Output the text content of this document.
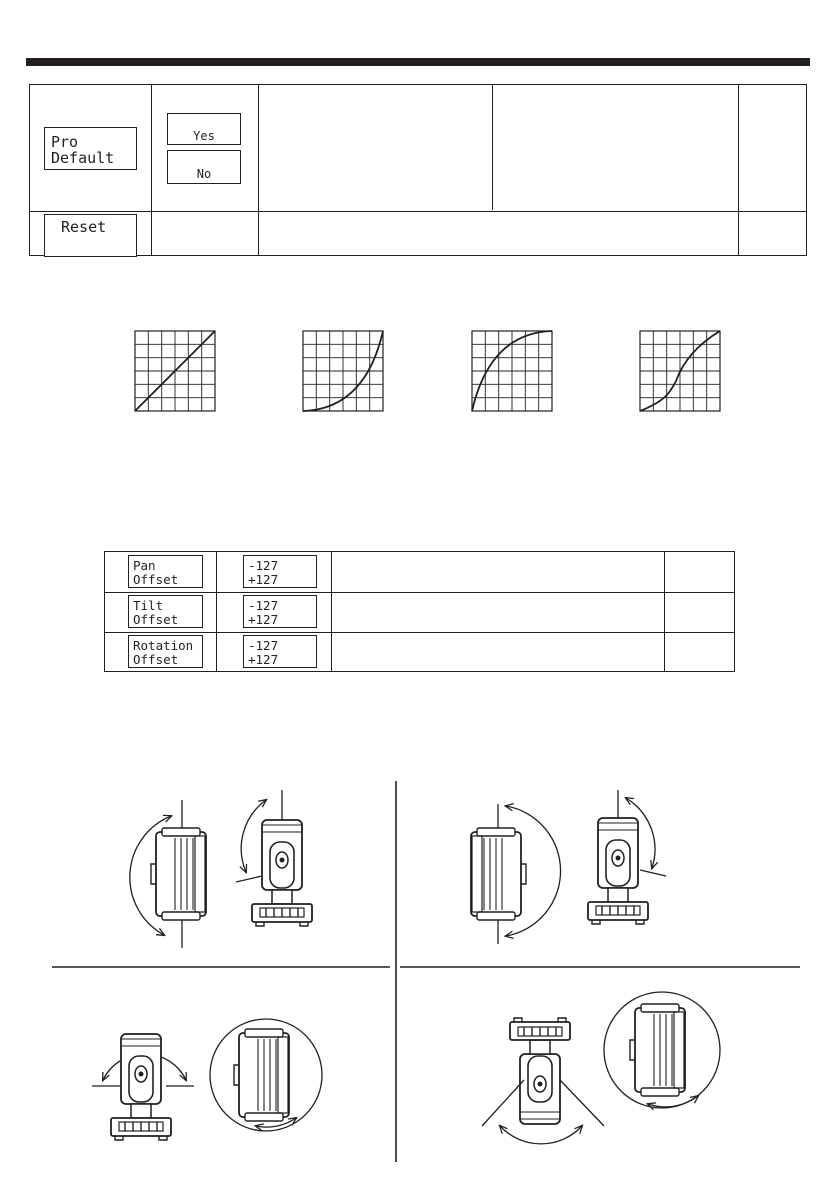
Pro
Default
Yes
No
Reset
Pan
Offset
-127
+127
Tilt
Offset
-127
+127
Rotation
Offset
-127
+127
